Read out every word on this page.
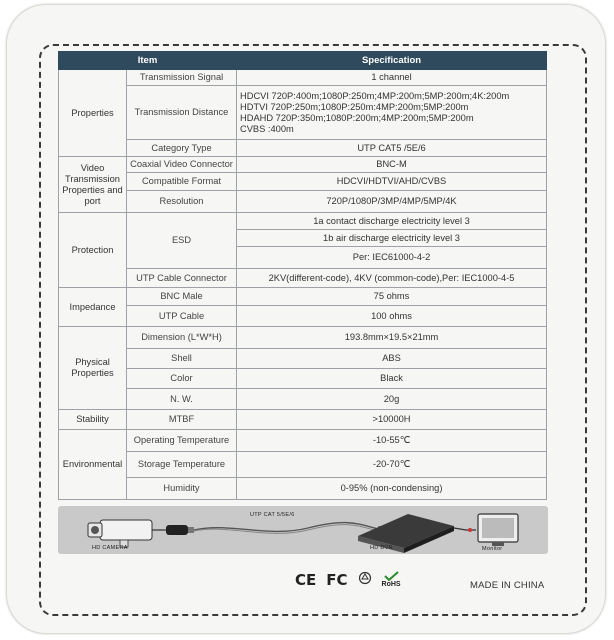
Item		Specification
Properties	Transmission Signal	1 channel
	Transmission Distance	HDCVI 720P:400m;1080P:250m;4MP:200m;5MP:200m;4K:200m
HDTVI 720P:250m;1080P:250m:4MP:200m;5MP:200m
HDAHD 720P:350m;1080P:200m;4MP:200m;5MP:200m
CVBS :400m

	Category Type	UTP CAT5 /5E/6
Video Transmission Properties and port	Coaxial Video Connector	BNC-M
	Compatible Format	HDCVI/HDTVI/AHD/CVBS
	Resolution	720P/1080P/3MP/4MP/5MP/4K
Protection	ESD	1a contact discharge electricity level 3
		1b air discharge electricity level 3
		Per: IEC61000-4-2
	UTP Cable Connector	2KV(different-code), 4KV (common-code),Per: IEC1000-4-5
Impedance	BNC Male	75 ohms
	UTP Cable	100 ohms
Physical Properties	Dimension (L*W*H)	193.8mm×19.5×21mm
	Shell	ABS
	Color	Black
	N. W.	20g
Stability	MTBF	>10000H
Environmental	Operating Temperature	-10-55℃
	Storage Temperature	-20-70℃
	Humidity	0-95% (non-condensing)
UTP CAT 5/5E/6
HD CAMERA	HD DVR	Monitor
CE FC	RoHS	MADE IN CHINA
